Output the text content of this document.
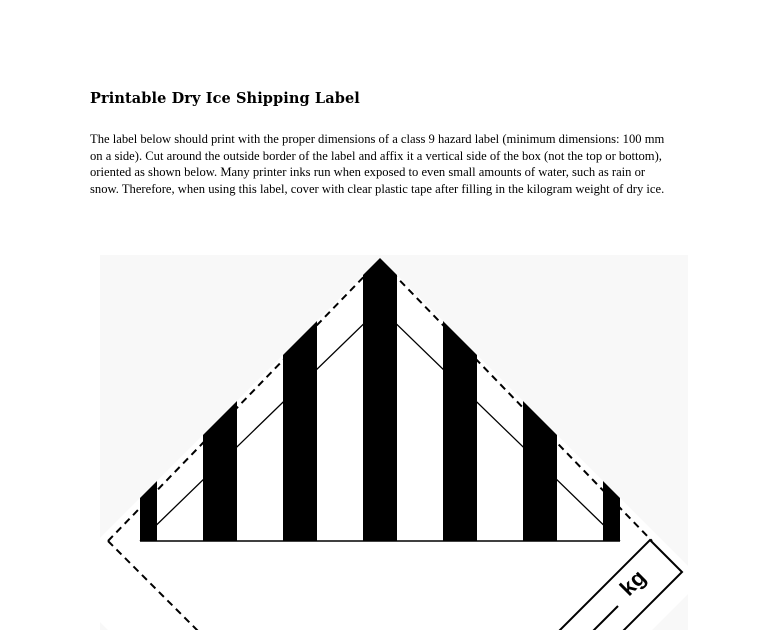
Printable Dry Ice Shipping Label

The label below should print with the proper dimensions of a class 9 hazard label (minimum dimensions: 100 mm on a side). Cut around the outside border of the label and affix it a vertical side of the box (not the top or bottom), oriented as shown below. Many printer inks run when exposed to even small amounts of water, such as rain or snow. Therefore, when using this label, cover with clear plastic tape after filling in the kilogram weight of dry ice.

kg
